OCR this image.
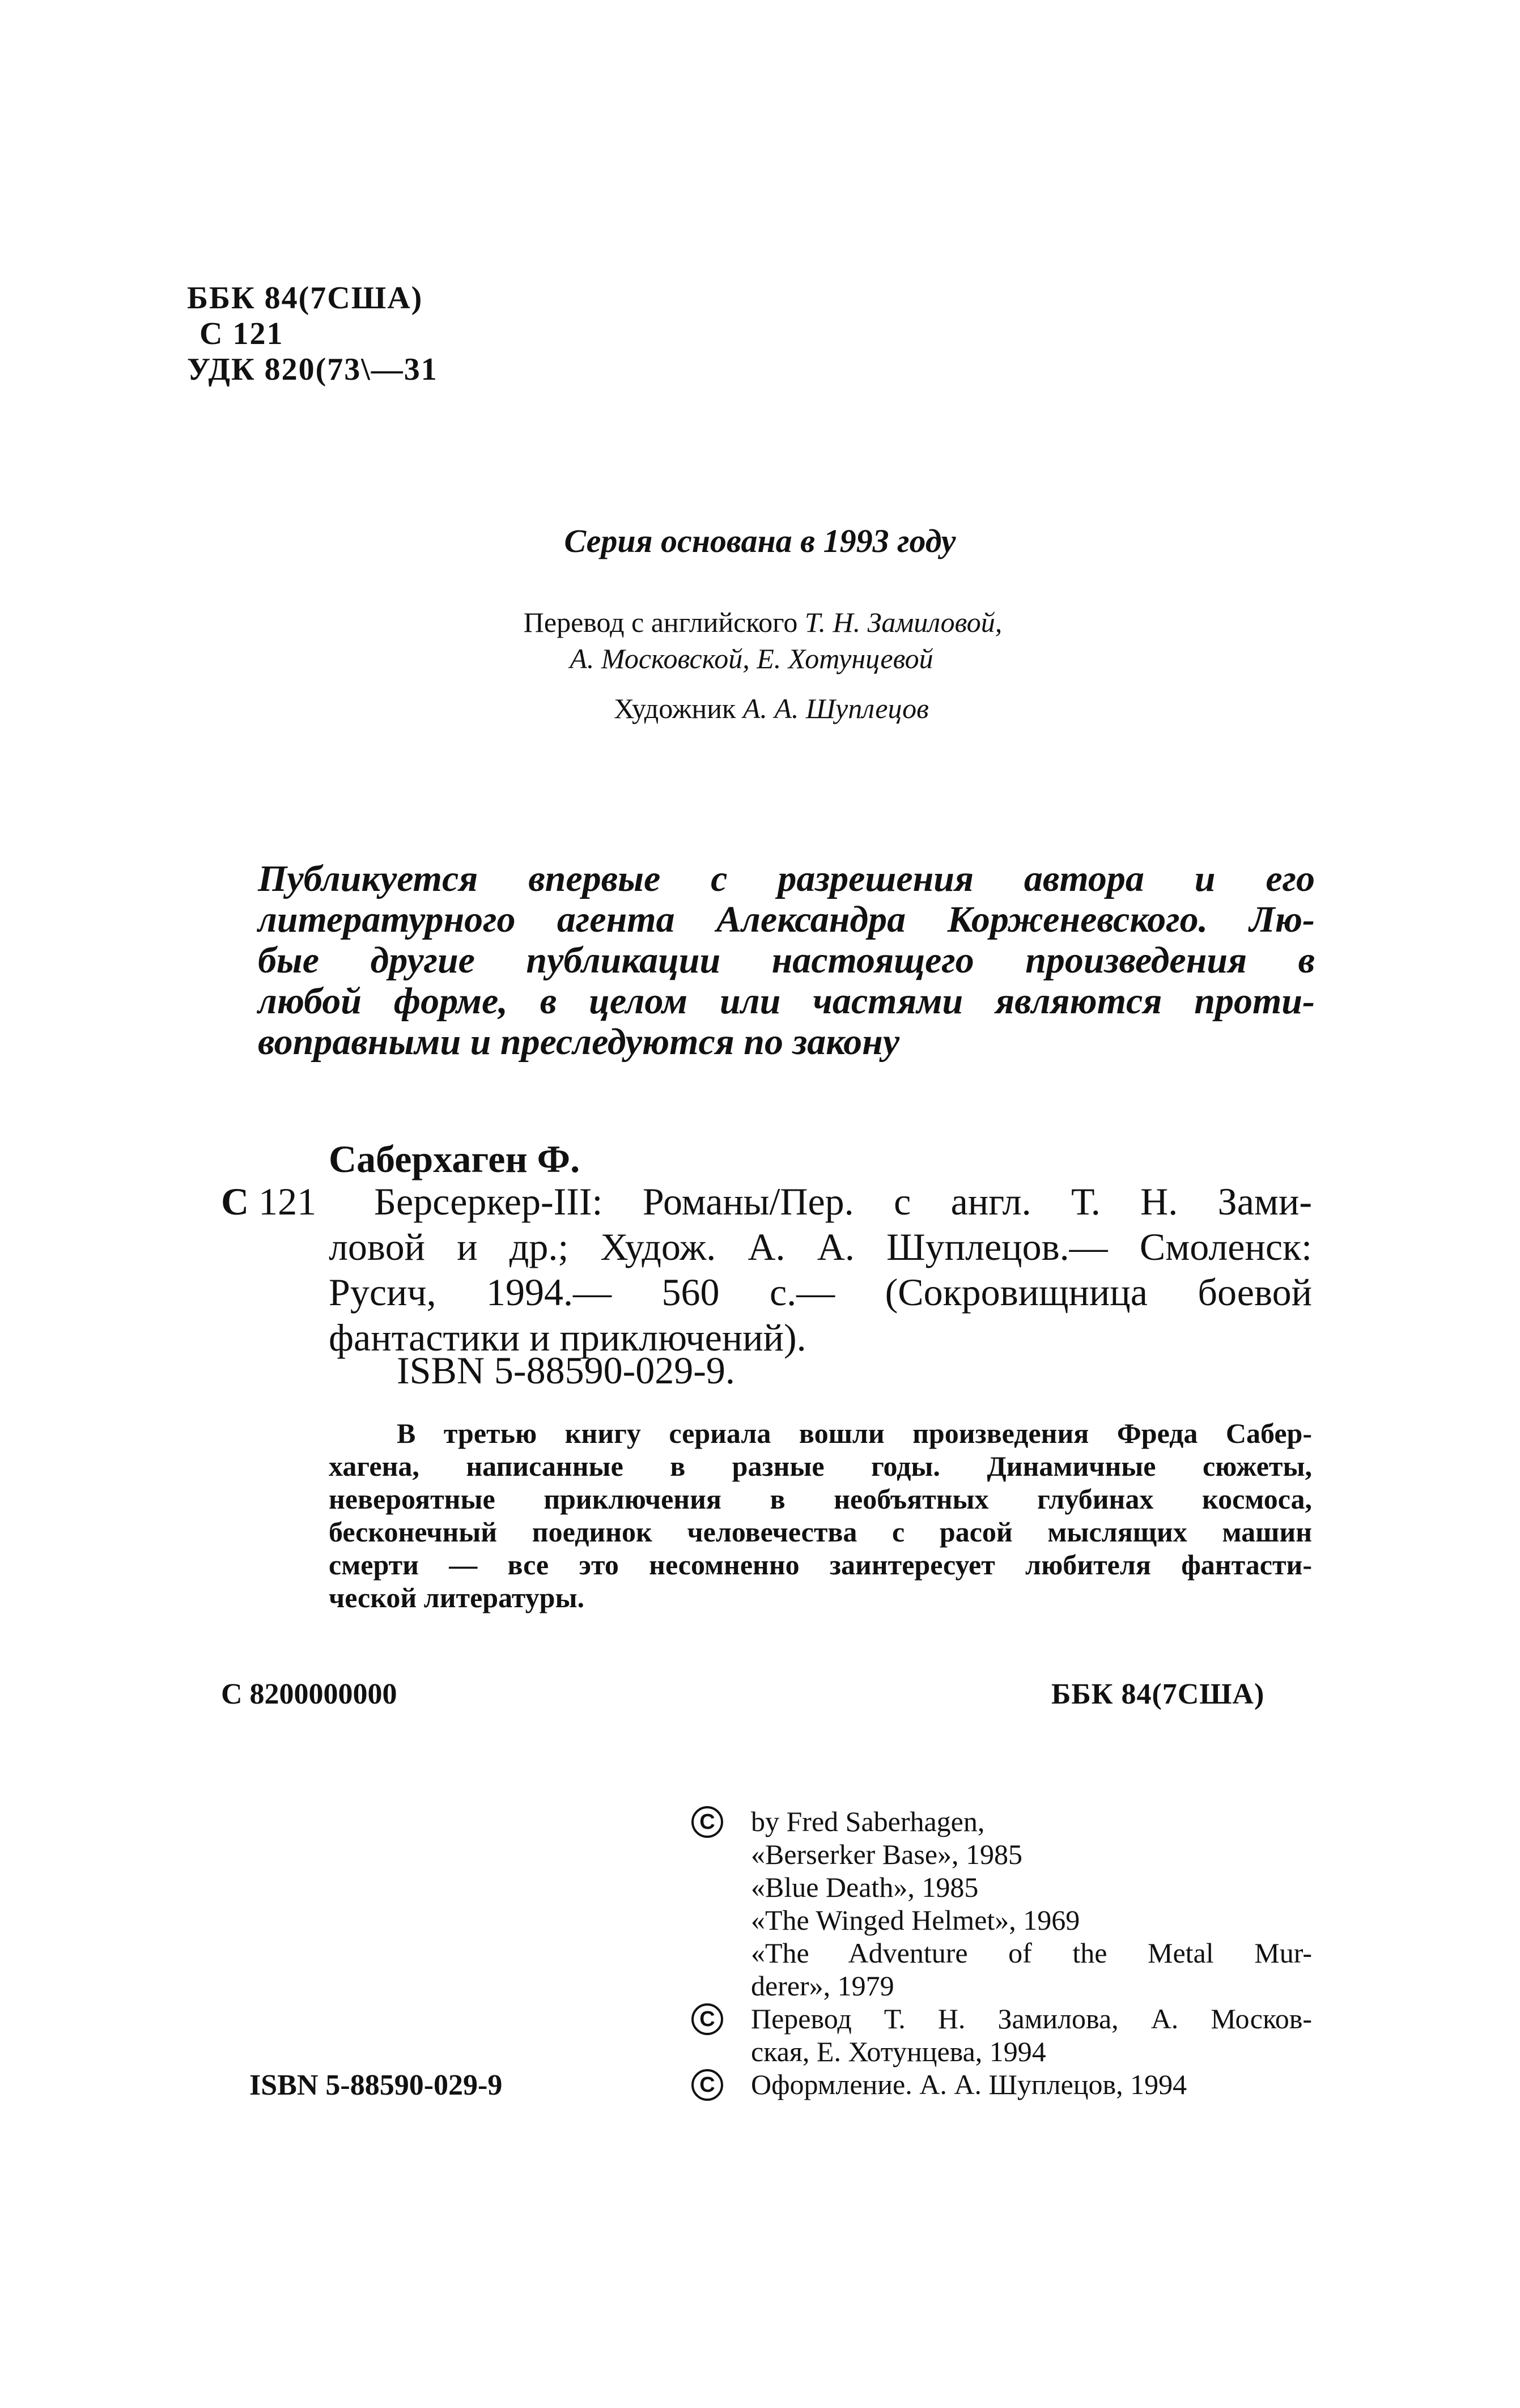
ББК 84(7США)
С 121
УДК 820(73\—31
Серия основана в 1993 году
Перевод с английского Т. Н. Замиловой,
А. Московской, Е. Хотунцевой
Художник А. А. Шуплецов
Публикуется впервые с разрешения автора и его
литературного агента Александра Корженевского. Лю-
бые другие публикации настоящего произведения в
любой форме, в целом или частями являются проти-
воправными и преследуются по закону
Саберхаген Ф.
С 121	Берсеркер-III: Романы/Пер. с англ. Т. Н. Зами-
ловой и др.; Худож. А. А. Шуплецов.— Смоленск:
Русич, 1994.— 560 с.— (Сокровищница боевой
фантастики и приключений).
ISBN 5-88590-029-9.
В третью книгу сериала вошли произведения Фреда Сабер-
хагена, написанные в разные годы. Динамичные сюжеты,
невероятные приключения в необъятных глубинах космоса,
бесконечный поединок человечества с расой мыслящих машин
смерти — все это несомненно заинтересует любителя фантасти-
ческой литературы.
С 8200000000	ББК 84(7США)
C by Fred Saberhagen,
«Berserker Base», 1985
«Blue Death», 1985
«The Winged Helmet», 1969
«The Adventure of the Metal Mur-
derer», 1979
C Перевод Т. Н. Замилова, А. Москов-
ская, Е. Хотунцева, 1994
C Оформление. А. А. Шуплецов, 1994
ISBN 5-88590-029-9
